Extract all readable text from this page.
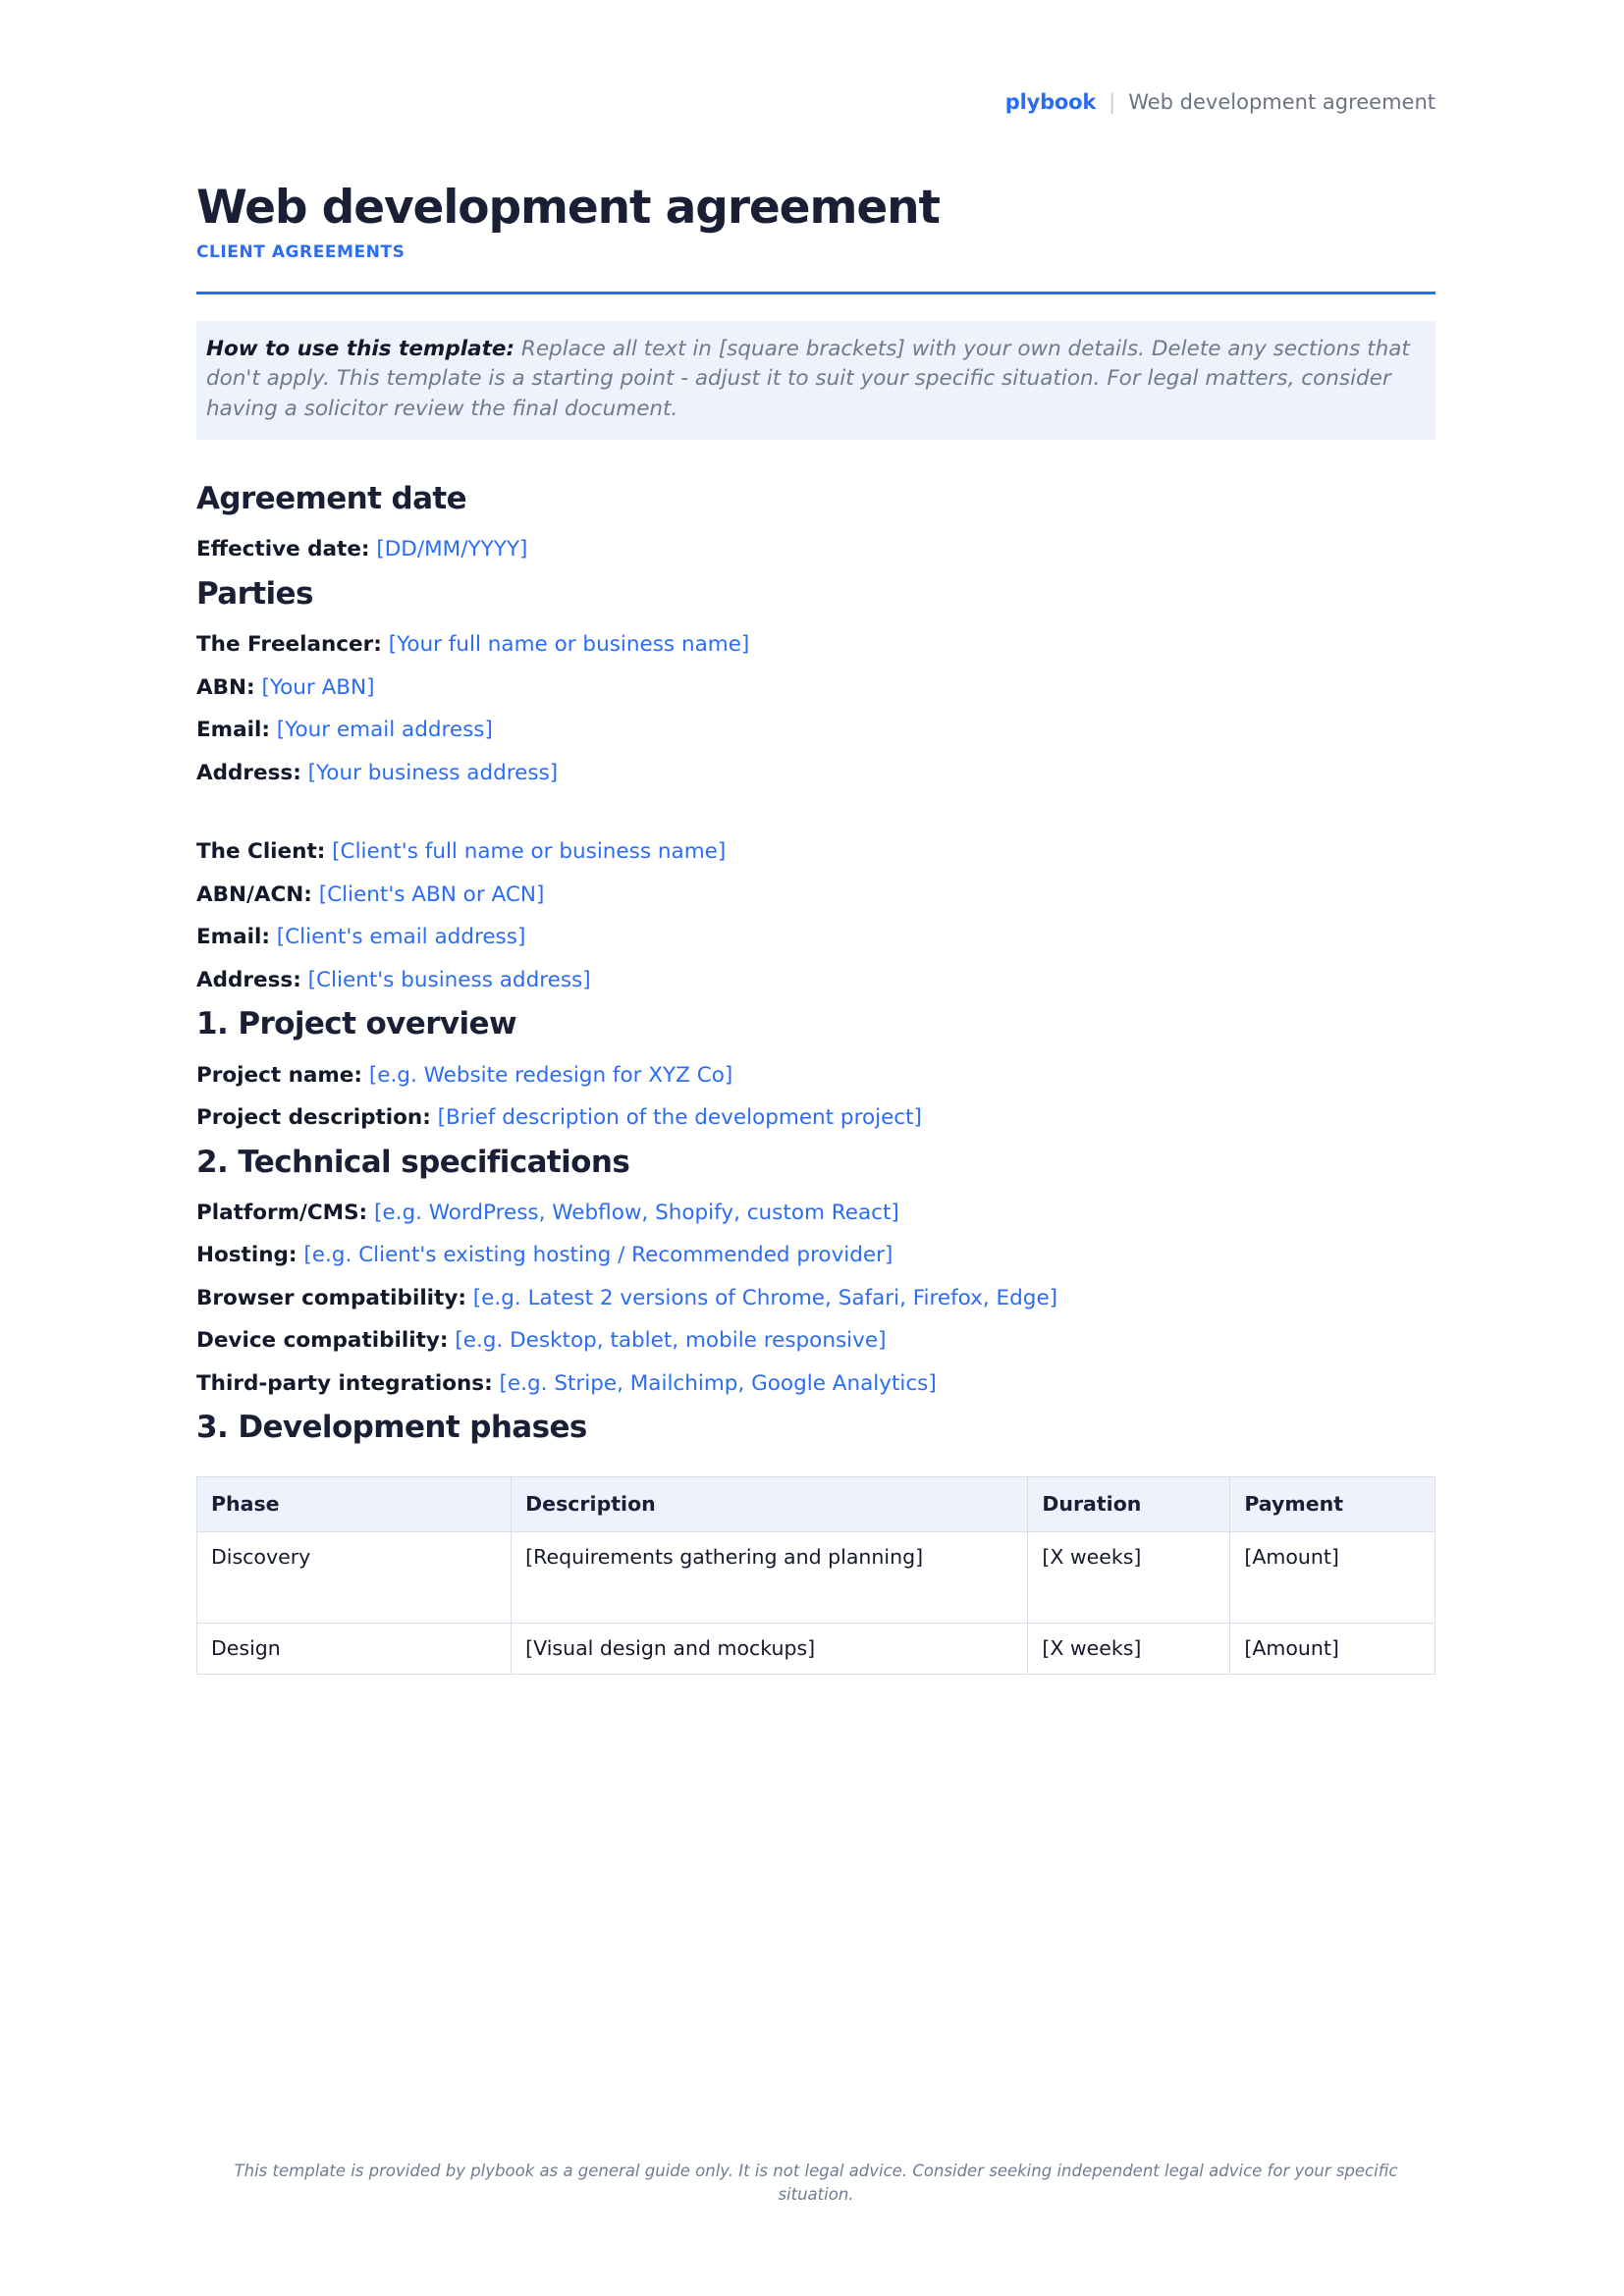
plybook | Web development agreement
Web development agreement
CLIENT AGREEMENTS

How to use this template: Replace all text in [square brackets] with your own details. Delete any sections that don't apply. This template is a starting point - adjust it to suit your specific situation. For legal matters, consider having a solicitor review the final document.

Agreement date

Effective date: [DD/MM/YYYY]

Parties

The Freelancer: [Your full name or business name]

ABN: [Your ABN]

Email: [Your email address]

Address: [Your business address]

The Client: [Client's full name or business name]

ABN/ACN: [Client's ABN or ACN]

Email: [Client's email address]

Address: [Client's business address]

1. Project overview

Project name: [e.g. Website redesign for XYZ Co]

Project description: [Brief description of the development project]

2. Technical specifications

Platform/CMS: [e.g. WordPress, Webflow, Shopify, custom React]

Hosting: [e.g. Client's existing hosting / Recommended provider]

Browser compatibility: [e.g. Latest 2 versions of Chrome, Safari, Firefox, Edge]

Device compatibility: [e.g. Desktop, tablet, mobile responsive]

Third-party integrations: [e.g. Stripe, Mailchimp, Google Analytics]

3. Development phases
Phase	Description	Duration	Payment
Discovery	[Requirements gathering and planning]	[X weeks]	[Amount]
Design	[Visual design and mockups]	[X weeks]	[Amount]
This template is provided by plybook as a general guide only. It is not legal advice. Consider seeking independent legal advice for your specific situation.
